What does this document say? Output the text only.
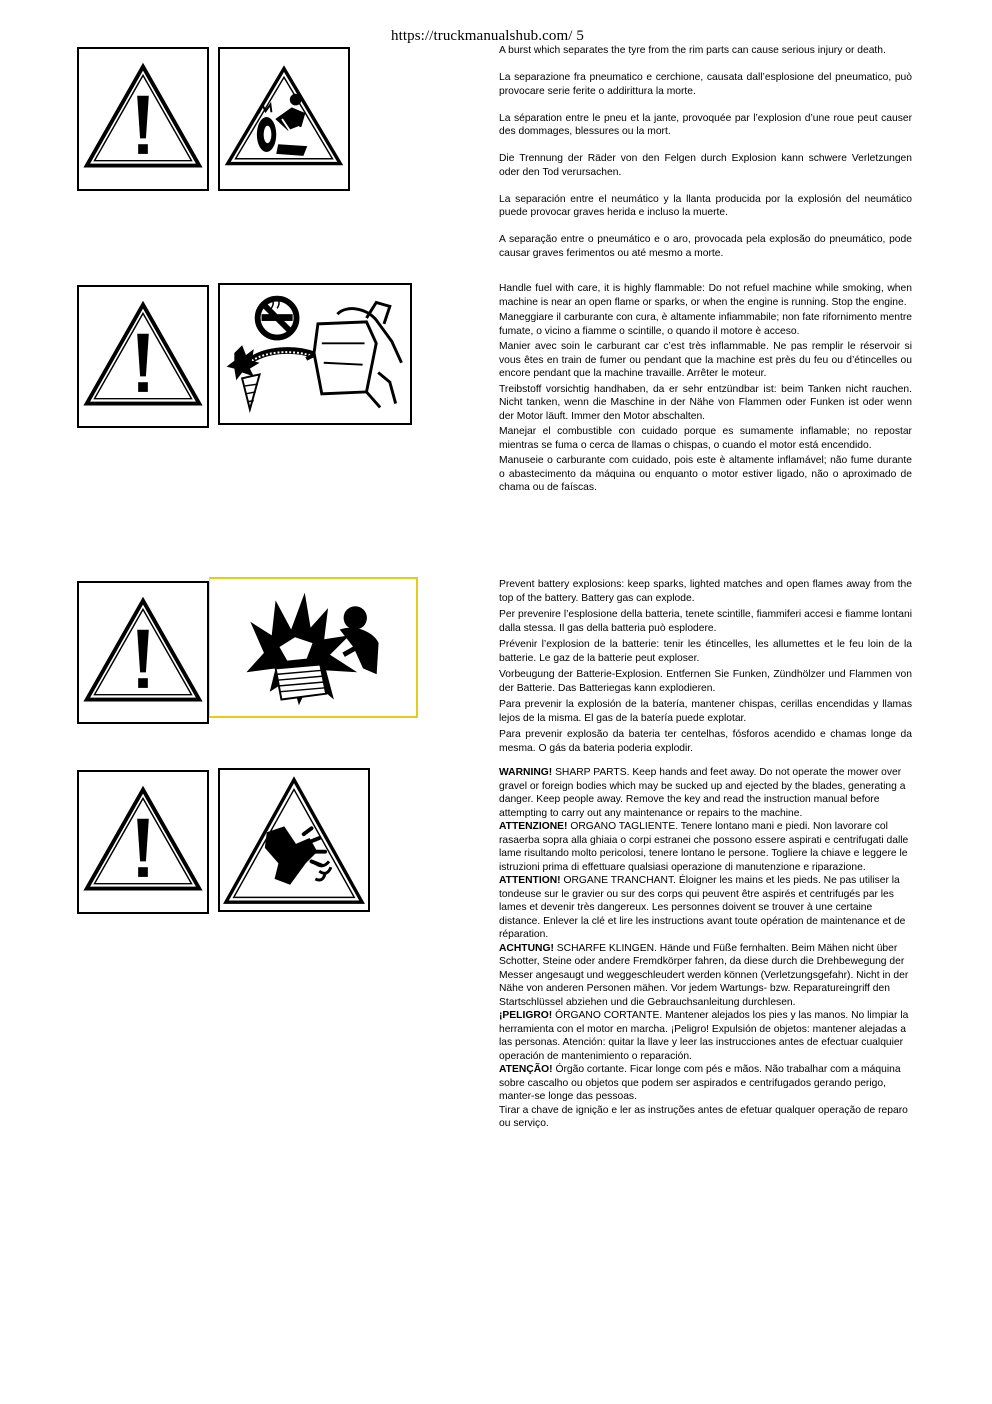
https://truckmanualshub.com/ 5

A burst which separates the tyre from the rim parts can cause serious injury or death.

La separazione fra pneumatico e cerchione, causata dall’esplosione del pneumatico, può provocare serie ferite o addirittura la morte.

La séparation entre le pneu et la jante, provoquée par l’explosion d’une roue peut causer des dommages, blessures ou la mort.

Die Trennung der Räder von den Felgen durch Explosion kann schwere Verletzungen oder den Tod verursachen.

La separación entre el neumático y la llanta producida por la explosión del neumático puede provocar graves herida e incluso la muerte.

A separação entre o pneumático e o aro, provocada pela explosão do pneumático, pode causar graves ferimentos ou até mesmo a morte.

Handle fuel with care, it is highly flammable: Do not refuel machine while smoking, when machine is near an open flame or sparks, or when the engine is running. Stop the engine.

Maneggiare il carburante con cura, è altamente infiammabile; non fate rifornimento mentre fumate, o vicino a fiamme o scintille, o quando il motore è acceso.

Manier avec soin le carburant car c’est très inflammable. Ne pas remplir le réservoir si vous êtes en train de fumer ou pendant que la machine est près du feu ou d’étincelles ou encore pendant que la machine travaille. Arrêter le moteur.

Treibstoff vorsichtig handhaben, da er sehr entzündbar ist: beim Tanken nicht rauchen. Nicht tanken, wenn die Maschine in der Nähe von Flammen oder Funken ist oder wenn der Motor läuft. Immer den Motor abschalten.

Manejar el combustible con cuidado porque es sumamente inflamable; no repostar mientras se fuma o cerca de llamas o chispas, o cuando el motor está encendido.

Manuseie o carburante com cuidado, pois este è altamente inflamável; não fume durante o abastecimento da máquina ou enquanto o motor estiver ligado, não o aproximado de chama ou de faíscas.

Prevent battery explosions: keep sparks, lighted matches and open flames away from the top of the battery. Battery gas can explode.

Per prevenire l’esplosione della batteria, tenete scintille, fiammiferi accesi e fiamme lontani dalla stessa. Il gas della batteria può esplodere.

Prévenir l’explosion de la batterie: tenir les étincelles, les allumettes et le feu loin de la batterie. Le gaz de la batterie peut exploser.

Vorbeugung der Batterie-Explosion. Entfernen Sie Funken, Zündhölzer und Flammen von der Batterie. Das Batteriegas kann explodieren.

Para prevenir la explosión de la batería, mantener chispas, cerillas encendidas y llamas lejos de la misma. El gas de la batería puede explotar.

Para prevenir explosão da bateria ter centelhas, fósforos acendido e chamas longe da mesma. O gás da bateria poderia explodir.

WARNING! SHARP PARTS. Keep hands and feet away. Do not operate the mower over gravel or foreign bodies which may be sucked up and ejected by the blades, generating a danger. Keep people away. Remove the key and read the instruction manual before attempting to carry out any maintenance or repairs to the machine.

ATTENZIONE! ORGANO TAGLIENTE. Tenere lontano mani e piedi. Non lavorare col rasaerba sopra alla ghiaia o corpi estranei che possono essere aspirati e centrifugati dalle lame risultando molto pericolosi, tenere lontano le persone. Togliere la chiave e leggere le istruzioni prima di effettuare qualsiasi operazione di manutenzione e riparazione.

ATTENTION! ORGANE TRANCHANT. Éloigner les mains et les pieds. Ne pas utiliser la tondeuse sur le gravier ou sur des corps qui peuvent être aspirés et centrifugés par les lames et devenir très dangereux. Les personnes doivent se trouver à une certaine distance. Enlever la clé et lire les instructions avant toute opération de maintenance et de réparation.

ACHTUNG! SCHARFE KLINGEN. Hände und Füße fernhalten. Beim Mähen nicht über Schotter, Steine oder andere Fremdkörper fahren, da diese durch die Drehbewegung der Messer angesaugt und weggeschleudert werden können (Verletzungsgefahr). Nicht in der Nähe von anderen Personen mähen. Vor jedem Wartungs- bzw. Reparatureingriff den Startschlüssel abziehen und die Gebrauchsanleitung durchlesen.

¡PELIGRO! ÓRGANO CORTANTE. Mantener alejados los pies y las manos. No limpiar la herramienta con el motor en marcha. ¡Peligro! Expulsión de objetos: mantener alejadas a las personas. Atención: quitar la llave y leer las instrucciones antes de efectuar cualquier operación de mantenimiento o reparación.

ATENÇÃO! Órgão cortante. Ficar longe com pés e mãos. Não trabalhar com a máquina sobre cascalho ou objetos que podem ser aspirados e centrifugados gerando perigo, manter-se longe das pessoas.

Tirar a chave de ignição e ler as instruções antes de efetuar qualquer operação de reparo ou serviço.
